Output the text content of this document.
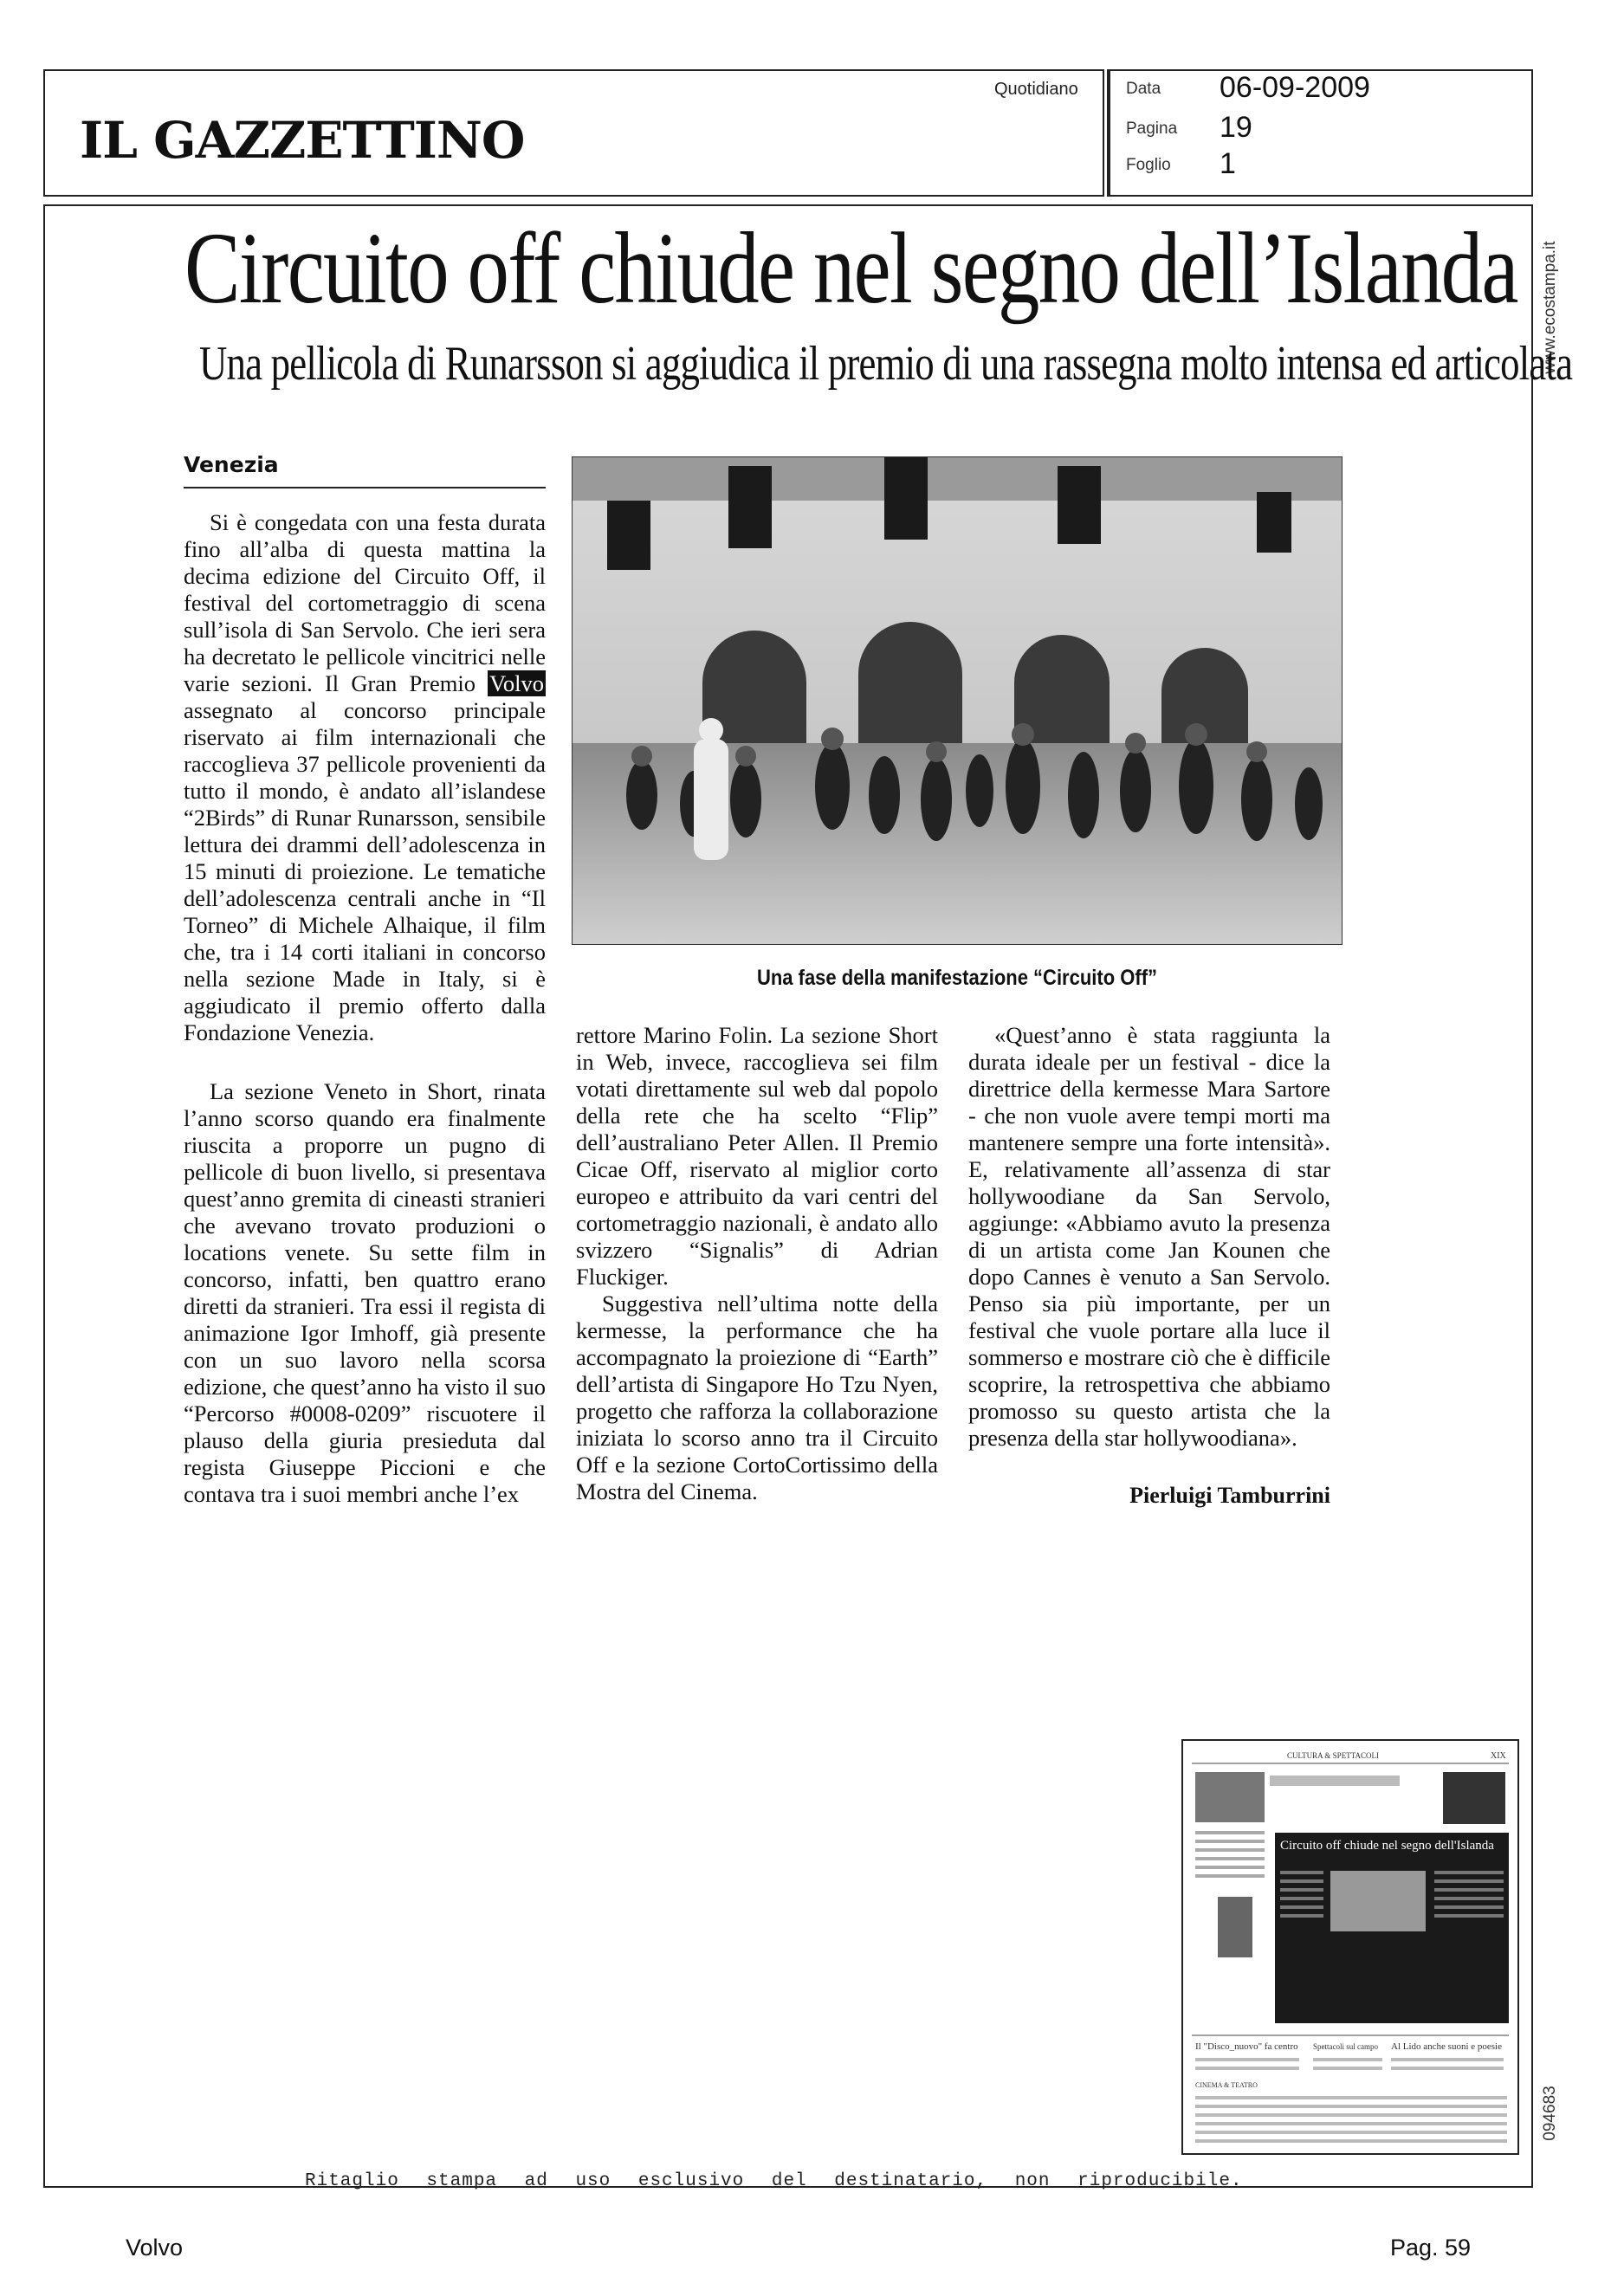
IL GAZZETTINO
Quotidiano	Data 06-09-2009
Pagina 19
Foglio 1
www.ecostampa.it
094683
Circuito off chiude nel segno dell’Islanda
Una pellicola di Runarsson si aggiudica il premio di una rassegna molto intensa ed articolata
Venezia

Si è congedata con una festa durata fino all’alba di questa mattina la decima edizione del Circuito Off, il festival del cortometraggio di scena sull’isola di San Servolo. Che ieri sera ha decretato le pellicole vincitrici nelle varie sezioni. Il Gran Premio Volvo assegnato al concorso principale riservato ai film internazionali che raccoglieva 37 pellicole provenienti da tutto il mondo, è andato all’islandese “2Birds” di Runar Runarsson, sensibile lettura dei drammi dell’adolescenza in 15 minuti di proiezione. Le tematiche dell’adolescenza centrali anche in “Il Torneo” di Michele Alhaique, il film che, tra i 14 corti italiani in concorso nella sezione Made in Italy, si è aggiudicato il premio offerto dalla Fondazione Venezia.

La sezione Veneto in Short, rinata l’anno scorso quando era finalmente riuscita a proporre un pugno di pellicole di buon livello, si presentava quest’anno gremita di cineasti stranieri che avevano trovato produzioni o locations venete. Su sette film in concorso, infatti, ben quattro erano diretti da stranieri. Tra essi il regista di animazione Igor Imhoff, già presente con un suo lavoro nella scorsa edizione, che quest’anno ha visto il suo “Percorso #0008-0209” riscuotere il plauso della giuria presieduta dal regista Giuseppe Piccioni e che contava tra i suoi membri anche l’ex

Una fase della manifestazione “Circuito Off”

rettore Marino Folin. La sezione Short in Web, invece, raccoglieva sei film votati direttamente sul web dal popolo della rete che ha scelto “Flip” dell’australiano Peter Allen. Il Premio Cicae Off, riservato al miglior corto europeo e attribuito da vari centri del cortometraggio nazionali, è andato allo svizzero “Signalis” di Adrian Fluckiger.

Suggestiva nell’ultima notte della kermesse, la performance che ha accompagnato la proiezione di “Earth” dell’artista di Singapore Ho Tzu Nyen, progetto che rafforza la collaborazione iniziata lo scorso anno tra il Circuito Off e la sezione CortoCortissimo della Mostra del Cinema.

«Quest’anno è stata raggiunta la durata ideale per un festival - dice la direttrice della kermesse Mara Sartore - che non vuole avere tempi morti ma mantenere sempre una forte intensità». E, relativamente all’assenza di star hollywoodiane da San Servolo, aggiunge: «Abbiamo avuto la presenza di un artista come Jan Kounen che dopo Cannes è venuto a San Servolo. Penso sia più importante, per un festival che vuole portare alla luce il sommerso e mostrare ciò che è difficile scoprire, la retrospettiva che abbiamo promosso su questo artista che la presenza della star hollywoodiana».

Pierluigi Tamburrini
CULTURA & SPETTACOLI	XIX
Circuito off chiude nel segno dell'Islanda
Il "Disco_nuovo" fa centro Spettacoli sul campo Al Lido anche suoni e poesie
CINEMA & TEATRO
Ritaglio stampa ad uso esclusivo del destinatario, non riproducibile.
Volvo	Pag. 59
